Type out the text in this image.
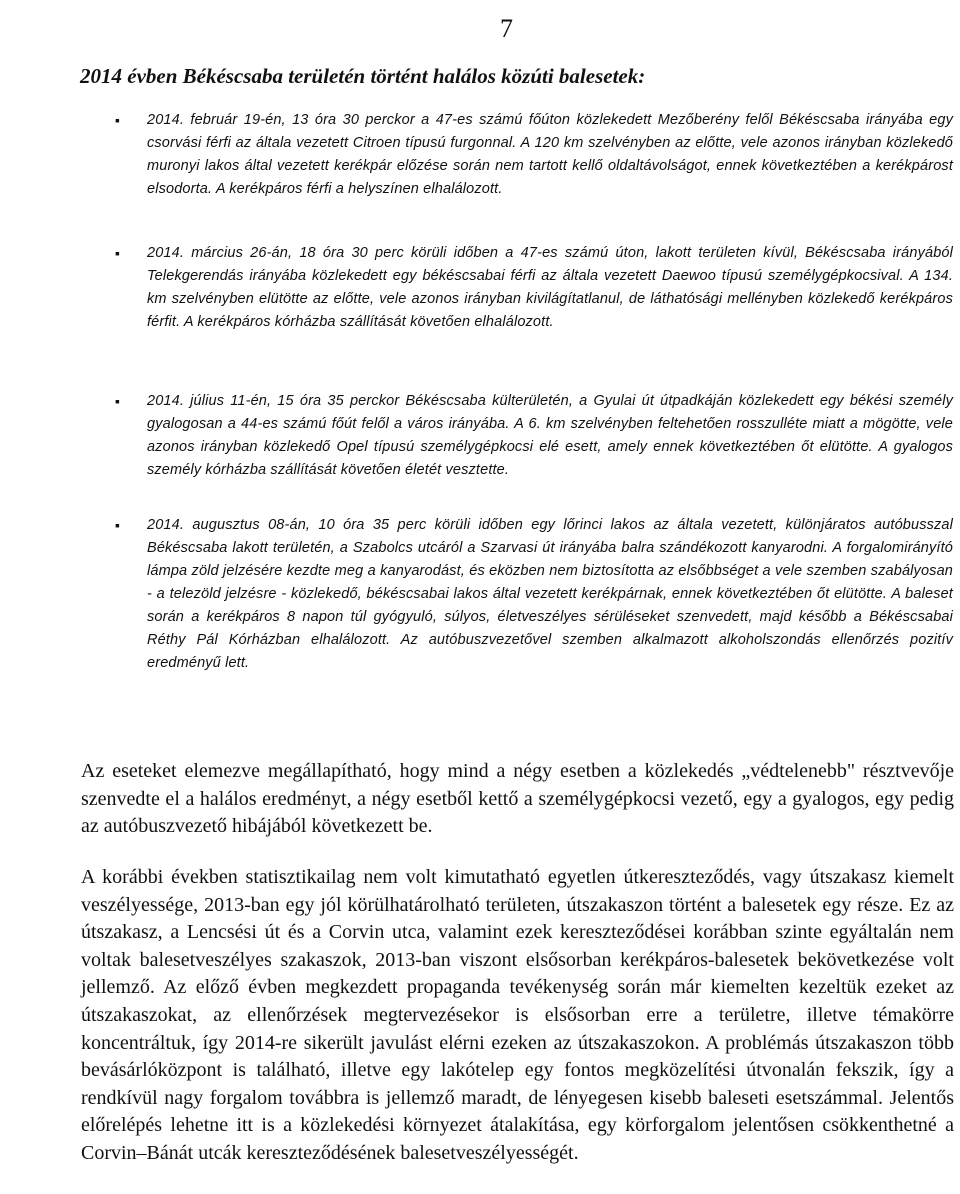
7
2014 évben Békéscsaba területén történt halálos közúti balesetek:
▪ 2014. február 19-én, 13 óra 30 perckor a 47-es számú főúton közlekedett Mezőberény felől Békéscsaba irányába egy csorvási férfi az általa vezetett Citroen típusú furgonnal. A 120 km szelvényben az előtte, vele azonos irányban közlekedő muronyi lakos által vezetett kerékpár előzése során nem tartott kellő oldaltávolságot, ennek következtében a kerékpárost elsodorta. A kerékpáros férfi a helyszínen elhalálozott.
▪ 2014. március 26-án, 18 óra 30 perc körüli időben a 47-es számú úton, lakott területen kívül, Békéscsaba irányából Telekgerendás irányába közlekedett egy békéscsabai férfi az általa vezetett Daewoo típusú személygépkocsival. A 134. km szelvényben elütötte az előtte, vele azonos irányban kivilágítatlanul, de láthatósági mellényben közlekedő kerékpáros férfit. A kerékpáros kórházba szállítását követően elhalálozott.
▪ 2014. július 11-én, 15 óra 35 perckor Békéscsaba külterületén, a Gyulai út útpadkáján közlekedett egy békési személy gyalogosan a 44-es számú főút felől a város irányába. A 6. km szelvényben feltehetően rosszulléte miatt a mögötte, vele azonos irányban közlekedő Opel típusú személygépkocsi elé esett, amely ennek következtében őt elütötte. A gyalogos személy kórházba szállítását követően életét vesztette.
▪ 2014. augusztus 08-án, 10 óra 35 perc körüli időben egy lőrinci lakos az általa vezetett, különjáratos autóbusszal Békéscsaba lakott területén, a Szabolcs utcáról a Szarvasi út irányába balra szándékozott kanyarodni. A forgalomirányító lámpa zöld jelzésére kezdte meg a kanyarodást, és eközben nem biztosította az elsőbbséget a vele szemben szabályosan - a telezöld jelzésre - közlekedő, békéscsabai lakos által vezetett kerékpárnak, ennek következtében őt elütötte. A baleset során a kerékpáros 8 napon túl gyógyuló, súlyos, életveszélyes sérüléseket szenvedett, majd később a Békéscsabai Réthy Pál Kórházban elhalálozott. Az autóbuszvezetővel szemben alkalmazott alkoholszondás ellenőrzés pozitív eredményű lett.
Az eseteket elemezve megállapítható, hogy mind a négy esetben a közlekedés „védtelenebb" résztvevője szenvedte el a halálos eredményt, a négy esetből kettő a személygépkocsi vezető, egy a gyalogos, egy pedig az autóbuszvezető hibájából következett be.
A korábbi években statisztikailag nem volt kimutatható egyetlen útkereszteződés, vagy útszakasz kiemelt veszélyessége, 2013-ban egy jól körülhatárolható területen, útszakaszon történt a balesetek egy része. Ez az útszakasz, a Lencsési út és a Corvin utca, valamint ezek kereszteződései korábban szinte egyáltalán nem voltak balesetveszélyes szakaszok, 2013-ban viszont elsősorban kerékpáros-balesetek bekövetkezése volt jellemző. Az előző évben megkezdett propaganda tevékenység során már kiemelten kezeltük ezeket az útszakaszokat, az ellenőrzések megtervezésekor is elsősorban erre a területre, illetve témakörre koncentráltuk, így 2014-re sikerült javulást elérni ezeken az útszakaszokon. A problémás útszakaszon több bevásárlóközpont is található, illetve egy lakótelep egy fontos megközelítési útvonalán fekszik, így a rendkívül nagy forgalom továbbra is jellemző maradt, de lényegesen kisebb baleseti esetszámmal. Jelentős előrelépés lehetne itt is a közlekedési környezet átalakítása, egy körforgalom jelentősen csökkenthetné a Corvin–Bánát utcák kereszteződésének balesetveszélyességét.
